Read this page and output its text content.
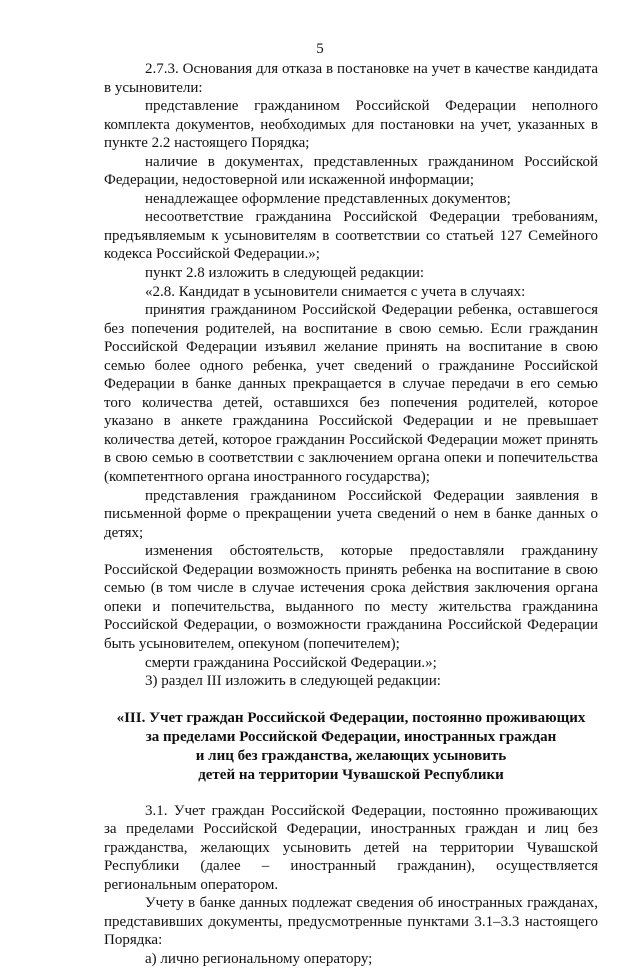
5

2.7.3. Основания для отказа в постановке на учет в качестве кандидата в усыновители:

представление гражданином Российской Федерации неполного комплекта документов, необходимых для постановки на учет, указанных в пункте 2.2 настоящего Порядка;

наличие в документах, представленных гражданином Российской Федерации, недостоверной или искаженной информации;

ненадлежащее оформление представленных документов;

несоответствие гражданина Российской Федерации требованиям, предъявляемым к усыновителям в соответствии со статьей 127 Семейного кодекса Российской Федерации.»;

пункт 2.8 изложить в следующей редакции:

«2.8. Кандидат в усыновители снимается с учета в случаях:

принятия гражданином Российской Федерации ребенка, оставшегося без попечения родителей, на воспитание в свою семью. Если гражданин Российской Федерации изъявил желание принять на воспитание в свою семью более одного ребенка, учет сведений о гражданине Российской Федерации в банке данных прекращается в случае передачи в его семью того количества детей, оставшихся без попечения родителей, которое указано в анкете гражданина Российской Федерации и не превышает количества детей, которое гражданин Российской Федерации может принять в свою семью в соответствии с заключением органа опеки и попечительства (компетентного органа иностранного государства);

представления гражданином Российской Федерации заявления в письменной форме о прекращении учета сведений о нем в банке данных о детях;

изменения обстоятельств, которые предоставляли гражданину Российской Федерации возможность принять ребенка на воспитание в свою семью (в том числе в случае истечения срока действия заключения органа опеки и попечительства, выданного по месту жительства гражданина Российской Федерации, о возможности гражданина Российской Федерации быть усыновителем, опекуном (попечителем);

смерти гражданина Российской Федерации.»;

3) раздел III изложить в следующей редакции:

«III. Учет граждан Российской Федерации, постоянно проживающих
за пределами Российской Федерации, иностранных граждан
и лиц без гражданства, желающих усыновить
детей на территории Чувашской Республики

3.1. Учет граждан Российской Федерации, постоянно проживающих за пределами Российской Федерации, иностранных граждан и лиц без гражданства, желающих усыновить детей на территории Чувашской Республики (далее – иностранный гражданин), осуществляется региональным оператором.

Учету в банке данных подлежат сведения об иностранных гражданах, представивших документы, предусмотренные пунктами 3.1–3.3 настоящего Порядка:

а) лично региональному оператору;
